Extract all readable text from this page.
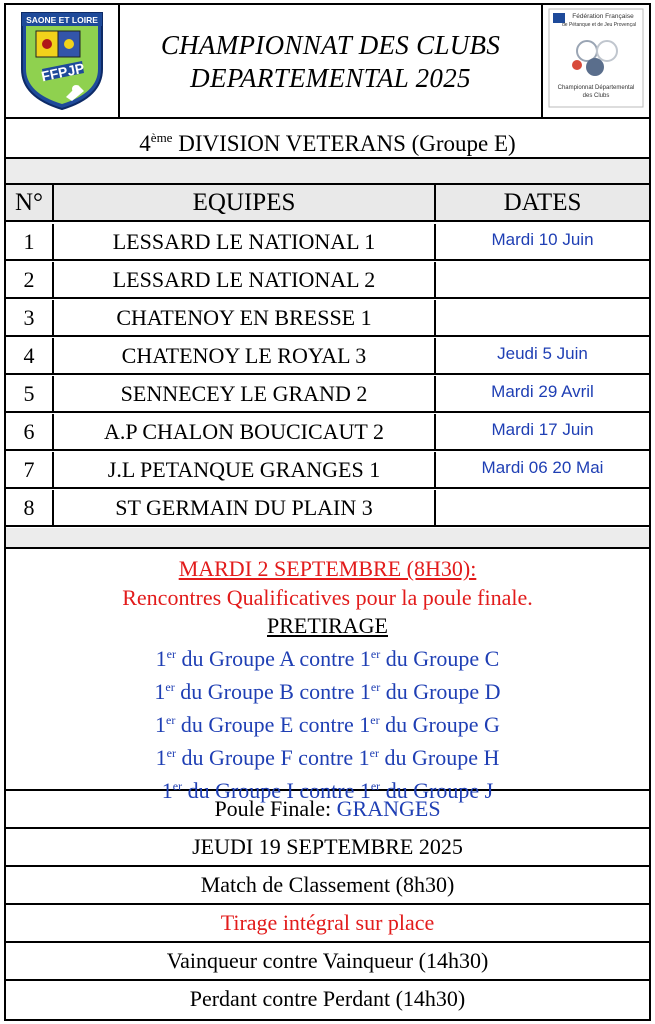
SAONE ET LOIRE
FFPJP
CHAMPIONNAT DES CLUBS
DEPARTEMENTAL 2025
Fédération Française
de Pétanque et de Jeu Provençal
Championnat Départemental
des Clubs
4ème DIVISION VETERANS (Groupe E)
N°	EQUIPES	DATES
1	LESSARD LE NATIONAL 1	Mardi 10 Juin
2	LESSARD LE NATIONAL 2
3	CHATENOY EN BRESSE 1
4	CHATENOY LE ROYAL 3	Jeudi 5 Juin
5	SENNECEY LE GRAND 2	Mardi 29 Avril
6	A.P CHALON BOUCICAUT 2	Mardi 17 Juin
7	J.L PETANQUE GRANGES 1	Mardi 06 20 Mai
8	ST GERMAIN DU PLAIN 3
MARDI 2 SEPTEMBRE (8H30):
Rencontres Qualificatives pour la poule finale.
PRETIRAGE
1er du Groupe A contre 1er du Groupe C
1er du Groupe B contre 1er du Groupe D
1er du Groupe E contre 1er du Groupe G
1er du Groupe F contre 1er du Groupe H
1er du Groupe I contre 1er du Groupe J
Poule Finale: GRANGES
JEUDI 19 SEPTEMBRE 2025
Match de Classement (8h30)
Tirage intégral sur place
Vainqueur contre Vainqueur (14h30)
Perdant contre Perdant (14h30)
